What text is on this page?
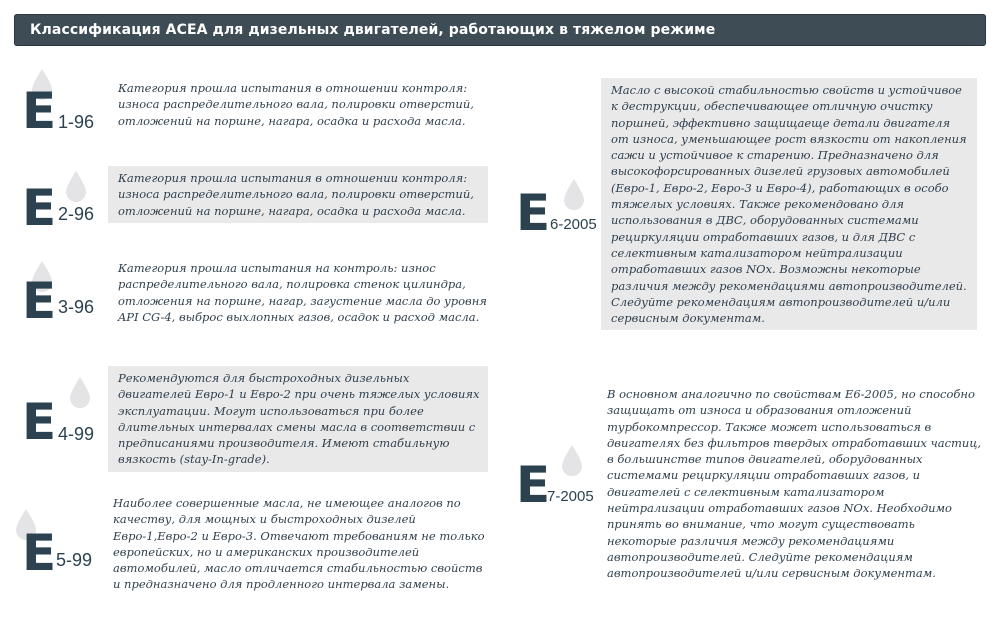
Классификация ACEA для дизельных двигателей, работающих в тяжелом режиме
E 1-96

Категория прошла испытания в отношении контроля: износа распределительного вала, полировки отверстий, отложений на поршне, нагара, осадка и расхода масла.

E 2-96

Категория прошла испытания в отношении контроля: износа распределительного вала, полировки отверстий, отложений на поршне, нагара, осадка и расхода масла.

E 3-96

Категория прошла испытания на контроль: износ распределительного вала, полировка стенок цилиндра, отложения на поршне, нагар, загустение масла до уровня API CG-4, выброс выхлопных газов, осадок и расход масла.

E 4-99

Рекомендуются для быстроходных дизельных двигателей Евро-1 и Евро-2 при очень тяжелых условиях эксплуатации. Могут использоваться при более длительных интервалах смены масла в соответствии с предписаниями производителя. Имеют стабильную вязкость (stay-In-grade).

E 5-99

Наиболее совершенные масла, не имеющее аналогов по качеству, для мощных и быстроходных дизелей Евро-1,Евро-2 и Евро-3. Отвечают требованиям не только европейских, но и американских производителей автомобилей, масло отличается стабильностью свойств и предназначено для продленного интервала замены.

E 6-2005

Масло с высокой стабильностью свойств и устойчивое к деструкции, обеспечивающее отличную очистку поршней, эффективно защищаеще детали двигателя от износа, уменьшающее рост вязкости от накопления сажи и устойчивое к старению. Предназначено для высокофорсированных дизелей грузовых автомобилей (Евро-1, Евро-2, Евро-3 и Евро-4), работающих в особо тяжелых условиях. Также рекомендовано для использования в ДВС, оборудованных системами рециркуляции отработавших газов, и для ДВС с селективным катализатором нейтрализации отработавших газов NOx. Возможны некоторые различия между рекомендациями автопроизводителей. Следуйте рекомендациям автопроизводителей и/или сервисным документам.

E
7-2005

В основном аналогично по свойствам Е6-2005, но способно защищать от износа и образования отложений турбокомпрессор. Также может использоваться в двигателях без фильтров твердых отработавших частиц, в большинстве типов двигателей, оборудованных системами рециркуляции отработавших газов, и двигателей с селективным катализатором нейтрализации отработавших газов NOx. Необходимо принять во внимание, что могут существовать некоторые различия между рекомендациями автопроизводителей. Следуйте рекомендациям автопроизводителей и/или сервисным документам.
